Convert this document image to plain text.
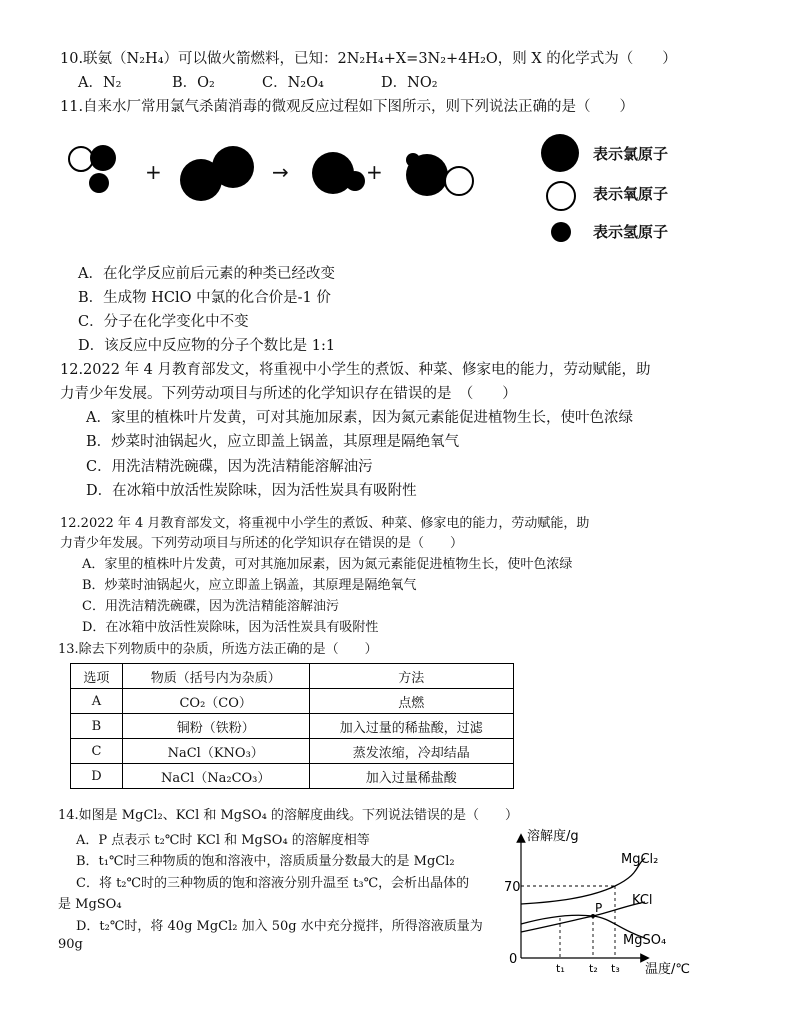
10.联氨（N₂H₄）可以做火箭燃料，已知：2N₂H₄+X=3N₂+4H₂O，则 X 的化学式为（　　）
A．N₂	B．O₂	C．N₂O₄	D．NO₂
11.自来水厂常用氯气杀菌消毒的微观反应过程如下图所示，则下列说法正确的是（　　）
+	→	+
表示氯原子
表示氧原子
表示氢原子
A．在化学反应前后元素的种类已经改变
B．生成物 HClO 中氯的化合价是-1 价
C．分子在化学变化中不变
D．该反应中反应物的分子个数比是 1:1
12.2022 年 4 月教育部发文，将重视中小学生的煮饭、种菜、修家电的能力，劳动赋能，助
力青少年发展。下列劳动项目与所述的化学知识存在错误的是　（　　）
A．家里的植株叶片发黄，可对其施加尿素，因为氮元素能促进植物生长，使叶色浓绿
B．炒菜时油锅起火，应立即盖上锅盖，其原理是隔绝氧气
C．用洗洁精洗碗碟，因为洗洁精能溶解油污
D．在冰箱中放活性炭除味，因为活性炭具有吸附性
12.2022 年 4 月教育部发文，将重视中小学生的煮饭、种菜、修家电的能力，劳动赋能，助
力青少年发展。下列劳动项目与所述的化学知识存在错误的是（　　）
A．家里的植株叶片发黄，可对其施加尿素，因为氮元素能促进植物生长，使叶色浓绿
B．炒菜时油锅起火，应立即盖上锅盖，其原理是隔绝氧气
C．用洗洁精洗碗碟，因为洗洁精能溶解油污
D．在冰箱中放活性炭除味，因为活性炭具有吸附性
13.除去下列物质中的杂质，所选方法正确的是（　　）
选项	物质（括号内为杂质）	方法
A	CO₂（CO）	点燃
B	铜粉（铁粉）	加入过量的稀盐酸，过滤
C	NaCl（KNO₃）	蒸发浓缩，冷却结晶
D	NaCl（Na₂CO₃）	加入过量稀盐酸
14.如图是 MgCl₂、KCl 和 MgSO₄ 的溶解度曲线。下列说法错误的是（　　）
A．P 点表示 t₂℃时 KCl 和 MgSO₄ 的溶解度相等
B．t₁℃时三种物质的饱和溶液中，溶质质量分数最大的是 MgCl₂
C．将 t₂℃时的三种物质的饱和溶液分别升温至 t₃℃，会析出晶体的
是 MgSO₄
D．t₂℃时，将 40g MgCl₂ 加入 50g 水中充分搅拌，所得溶液质量为
90g
溶解度/g
温度/℃
0
70
t₁ t₂ t₃
P
MgCl₂
KCl
MgSO₄
